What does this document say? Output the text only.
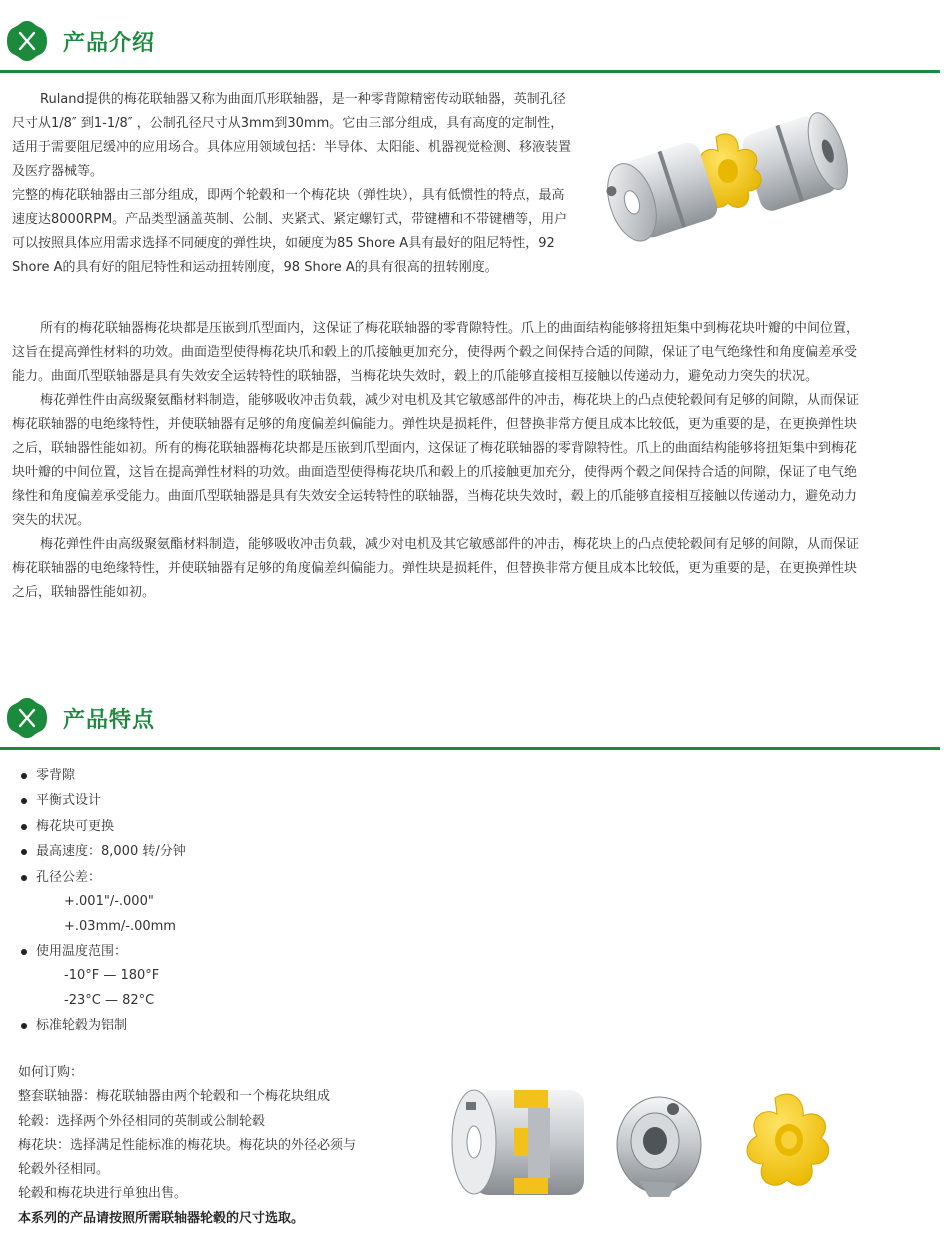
产品介绍

Ruland提供的梅花联轴器又称为曲面爪形联轴器，是一种零背隙精密传动联轴器，英制孔径尺寸从1/8″ 到1-1/8″ ，公制孔径尺寸从3mm到30mm。它由三部分组成，具有高度的定制性，适用于需要阻尼缓冲的应用场合。具体应用领域包括：半导体、太阳能、机器视觉检测、移液装置及医疗器械等。

完整的梅花联轴器由三部分组成，即两个轮毂和一个梅花块（弹性块），具有低惯性的特点，最高速度达8000RPM。产品类型涵盖英制、公制、夹紧式、紧定螺钉式，带键槽和不带键槽等，用户可以按照具体应用需求选择不同硬度的弹性块，如硬度为85 Shore A具有最好的阻尼特性，92 Shore A的具有好的阻尼特性和运动扭转刚度，98 Shore A的具有很高的扭转刚度。

所有的梅花联轴器梅花块都是压嵌到爪型面内，这保证了梅花联轴器的零背隙特性。爪上的曲面结构能够将扭矩集中到梅花块叶瓣的中间位置，这旨在提高弹性材料的功效。曲面造型使得梅花块爪和毂上的爪接触更加充分，使得两个毂之间保持合适的间隙，保证了电气绝缘性和角度偏差承受能力。曲面爪型联轴器是具有失效安全运转特性的联轴器，当梅花块失效时，毂上的爪能够直接相互接触以传递动力，避免动力突失的状况。

梅花弹性件由高级聚氨酯材料制造，能够吸收冲击负载，减少对电机及其它敏感部件的冲击，梅花块上的凸点使轮毂间有足够的间隙，从而保证梅花联轴器的电绝缘特性，并使联轴器有足够的角度偏差纠偏能力。弹性块是损耗件，但替换非常方便且成本比较低，更为重要的是，在更换弹性块之后，联轴器性能如初。所有的梅花联轴器梅花块都是压嵌到爪型面内，这保证了梅花联轴器的零背隙特性。爪上的曲面结构能够将扭矩集中到梅花块叶瓣的中间位置，这旨在提高弹性材料的功效。曲面造型使得梅花块爪和毂上的爪接触更加充分，使得两个毂之间保持合适的间隙，保证了电气绝缘性和角度偏差承受能力。曲面爪型联轴器是具有失效安全运转特性的联轴器，当梅花块失效时，毂上的爪能够直接相互接触以传递动力，避免动力突失的状况。

梅花弹性件由高级聚氨酯材料制造，能够吸收冲击负载，减少对电机及其它敏感部件的冲击，梅花块上的凸点使轮毂间有足够的间隙，从而保证梅花联轴器的电绝缘特性，并使联轴器有足够的角度偏差纠偏能力。弹性块是损耗件，但替换非常方便且成本比较低，更为重要的是，在更换弹性块之后，联轴器性能如初。

产品特点
零背隙
平衡式设计
梅花块可更换
最高速度：8,000 转/分钟
孔径公差：
+.001"/-.000"
+.03mm/-.00mm
使用温度范围：
-10°F — 180°F
-23°C — 82°C
标准轮毂为铝制
如何订购：
整套联轴器：梅花联轴器由两个轮毂和一个梅花块组成
轮毂：选择两个外径相同的英制或公制轮毂
梅花块：选择满足性能标准的梅花块。梅花块的外径必须与
轮毂外径相同。
轮毂和梅花块进行单独出售。
本系列的产品请按照所需联轴器轮毂的尺寸选取。
